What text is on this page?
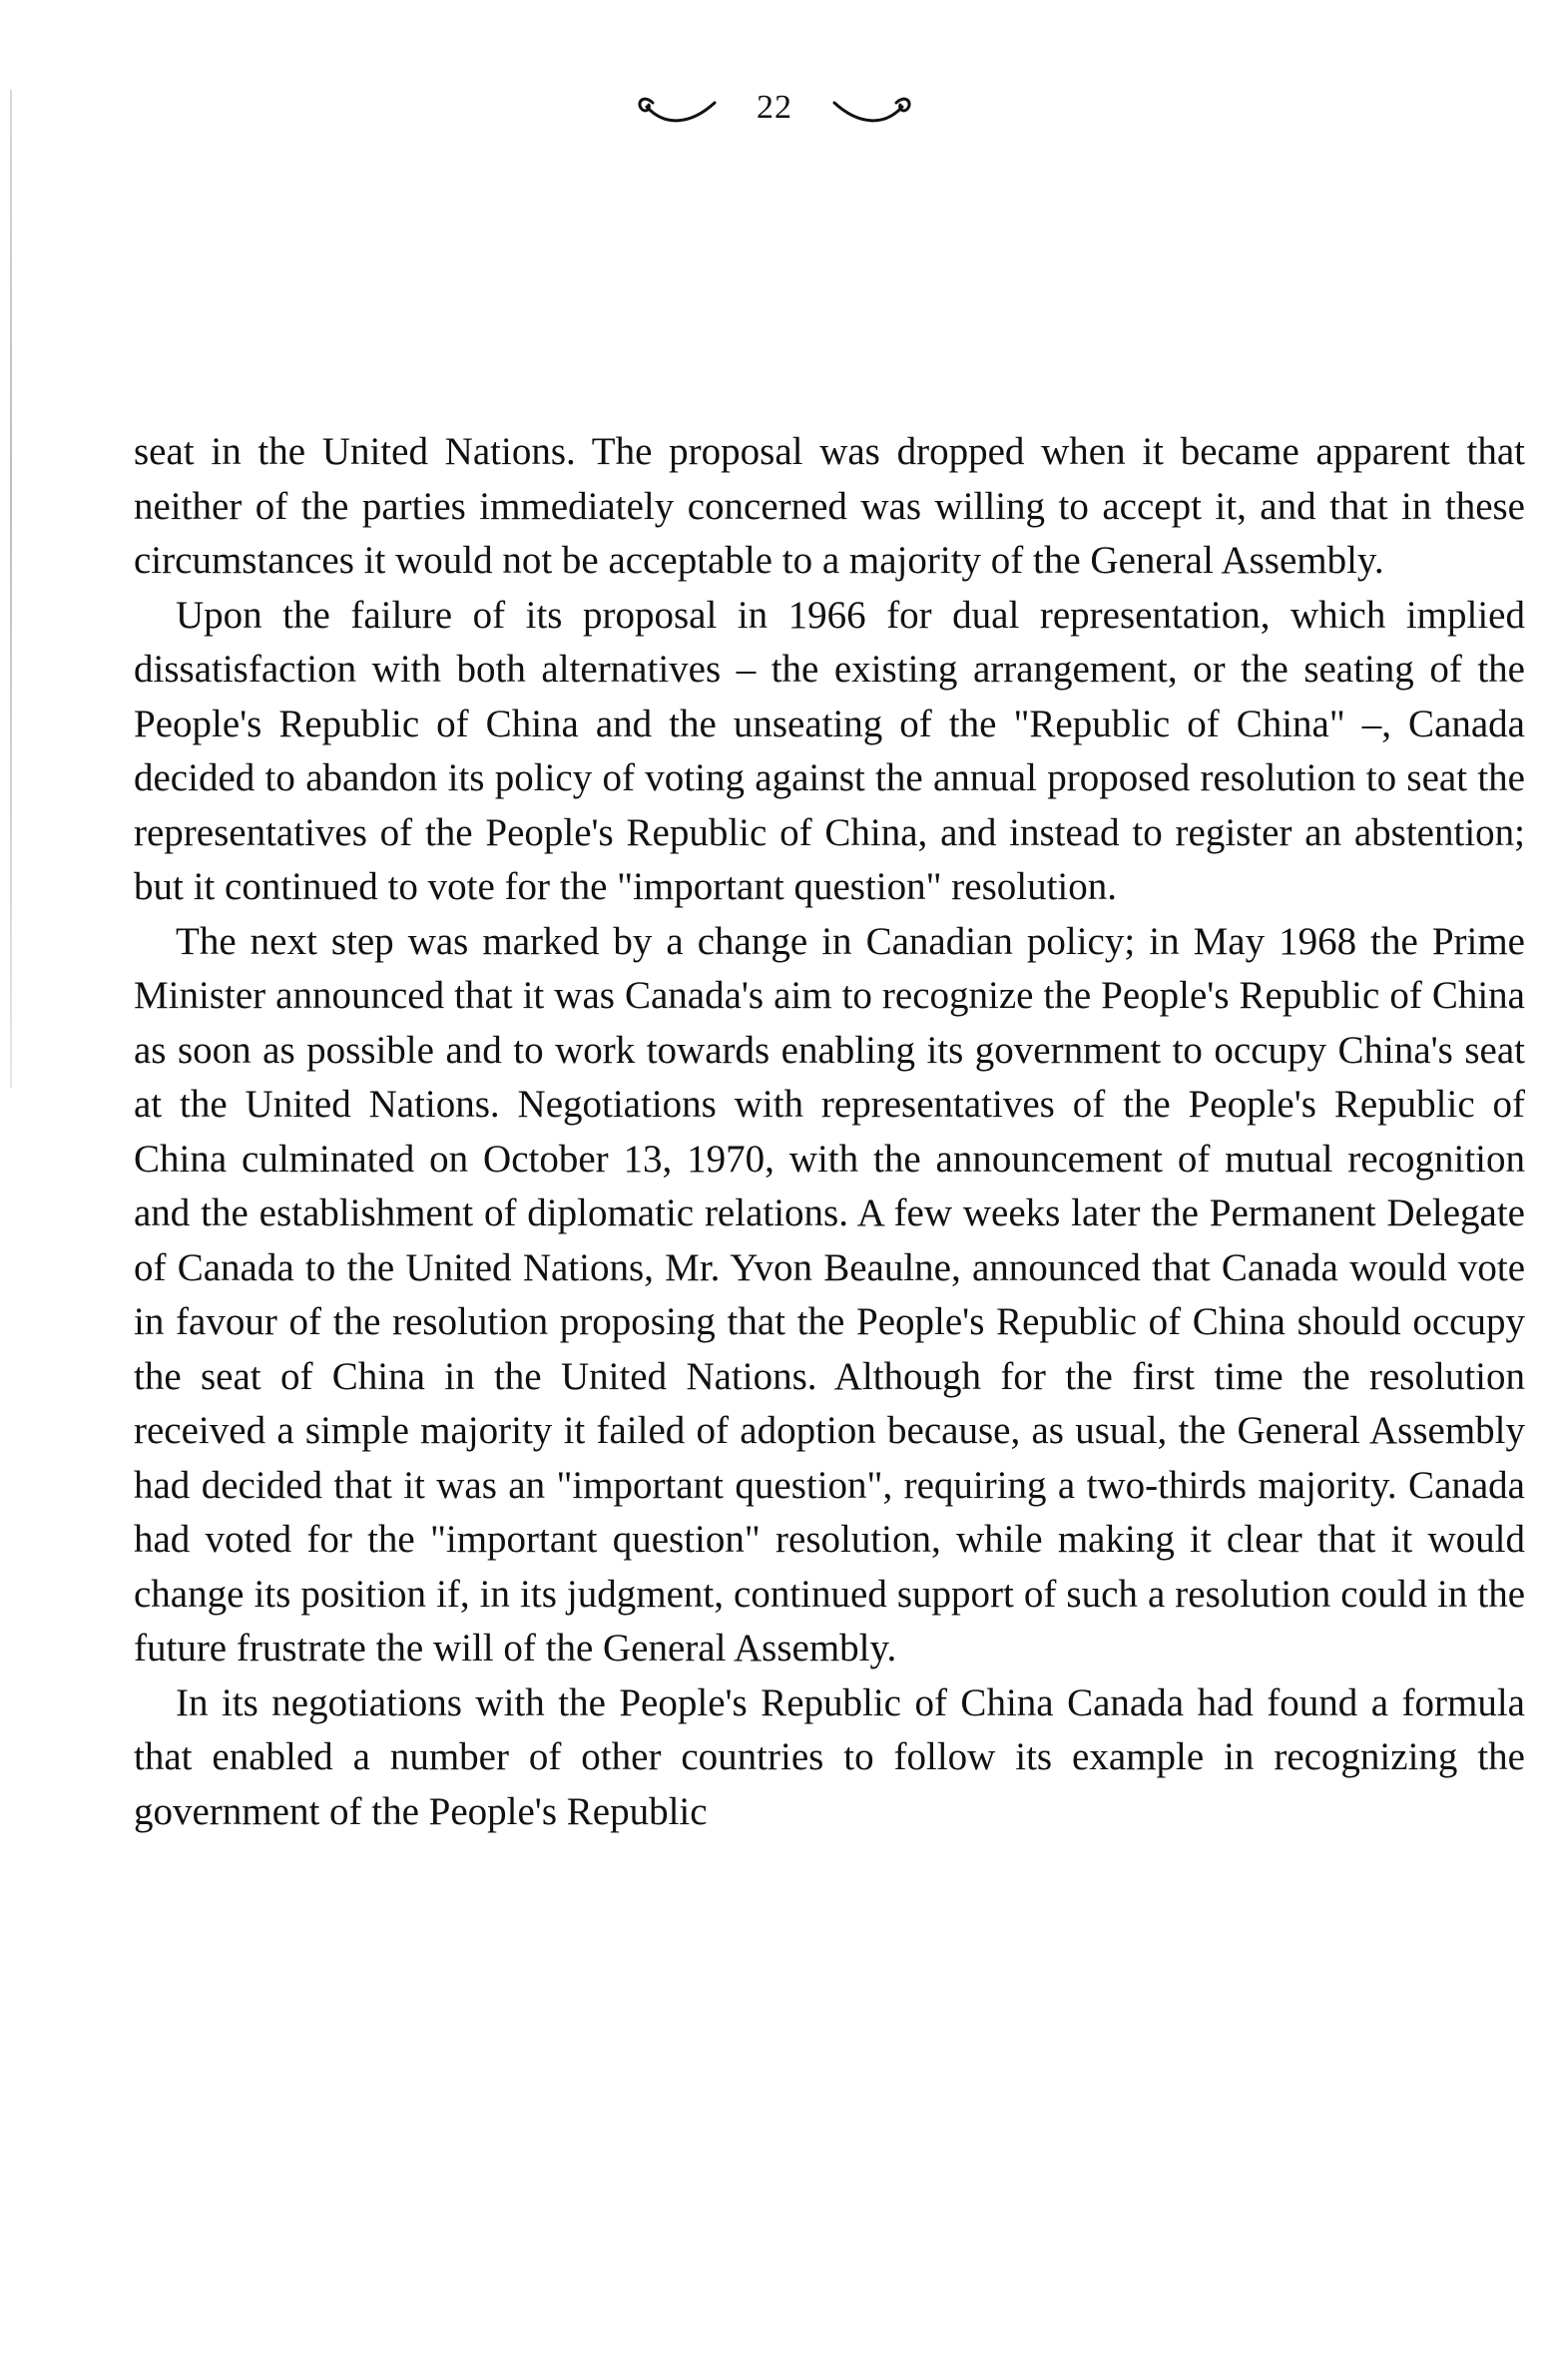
22

seat in the United Nations. The proposal was dropped when it became apparent that neither of the parties immediately concerned was willing to accept it, and that in these circumstances it would not be acceptable to a majority of the General Assembly.

Upon the failure of its proposal in 1966 for dual representation, which implied dissatisfaction with both alternatives – the existing arrangement, or the seating of the People's Republic of China and the unseating of the "Republic of China" –, Canada decided to abandon its policy of voting against the annual proposed resolution to seat the representatives of the People's Republic of China, and instead to register an abstention; but it continued to vote for the "important question" resolution.

The next step was marked by a change in Canadian policy; in May 1968 the Prime Minister announced that it was Canada's aim to recognize the People's Republic of China as soon as possible and to work towards enabling its government to occupy China's seat at the United Nations. Negotiations with representatives of the People's Republic of China culminated on October 13, 1970, with the announcement of mutual recognition and the establishment of diplomatic relations. A few weeks later the Permanent Delegate of Canada to the United Nations, Mr. Yvon Beaulne, announced that Canada would vote in favour of the resolution proposing that the People's Republic of China should occupy the seat of China in the United Nations. Although for the first time the resolution received a simple majority it failed of adoption because, as usual, the General Assembly had decided that it was an "important question", requiring a two-thirds majority. Canada had voted for the "important question" resolution, while making it clear that it would change its position if, in its judgment, continued support of such a resolution could in the future frustrate the will of the General Assembly.

In its negotiations with the People's Republic of China Canada had found a formula that enabled a number of other countries to follow its example in recognizing the government of the People's Republic
